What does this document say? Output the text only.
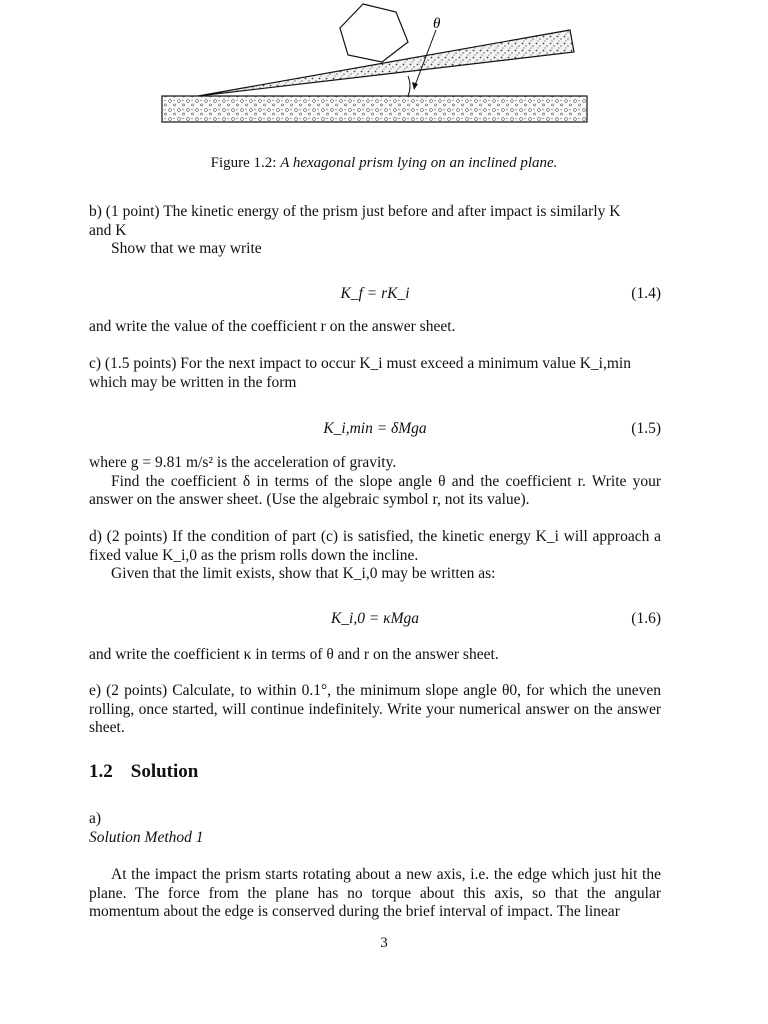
θ
Figure 1.2: A hexagonal prism lying on an inclined plane.
b) (1 point) The kinetic energy of the prism just before and after impact is similarly K
and K
Show that we may write
K_f = rK_i	(1.4)
and write the value of the coefficient r on the answer sheet.
c) (1.5 points) For the next impact to occur K_i must exceed a minimum value K_i,min
which may be written in the form
K_i,min = δMga	(1.5)
where g = 9.81 m/s² is the acceleration of gravity.
Find the coefficient δ in terms of the slope angle θ and the coefficient r. Write your answer on the answer sheet. (Use the algebraic symbol r, not its value).
d) (2 points) If the condition of part (c) is satisfied, the kinetic energy K_i will approach a fixed value K_i,0 as the prism rolls down the incline.
Given that the limit exists, show that K_i,0 may be written as:
K_i,0 = κMga	(1.6)
and write the coefficient κ in terms of θ and r on the answer sheet.
e) (2 points) Calculate, to within 0.1°, the minimum slope angle θ0, for which the uneven rolling, once started, will continue indefinitely. Write your numerical answer on the answer sheet.
1.2 Solution
a)
Solution Method 1
At the impact the prism starts rotating about a new axis, i.e. the edge which just hit the plane. The force from the plane has no torque about this axis, so that the angular momentum about the edge is conserved during the brief interval of impact. The linear
3
